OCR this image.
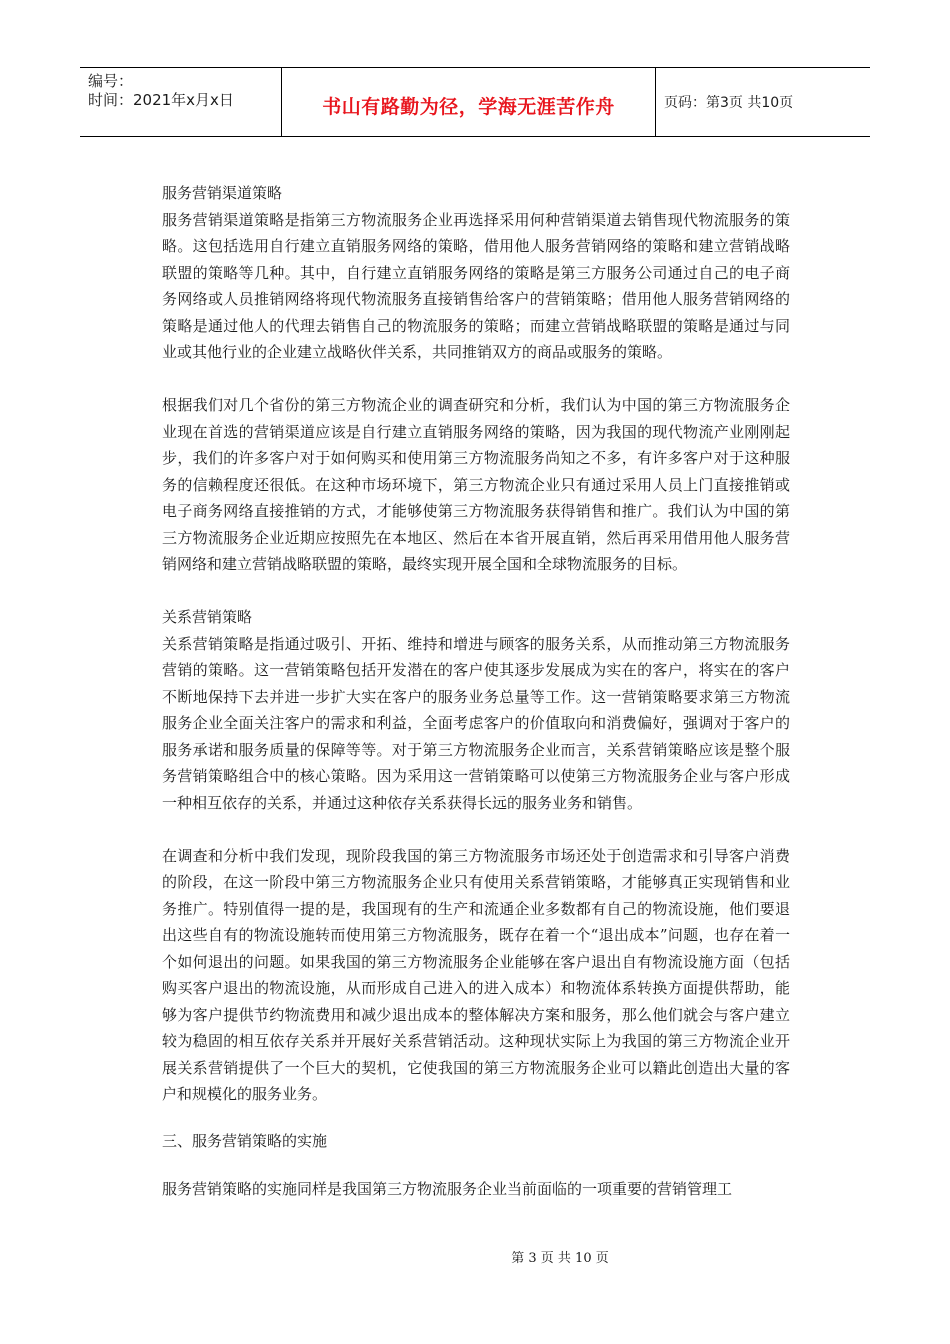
编号：
时间：2021年x月x日	书山有路勤为径，学海无涯苦作舟	页码：第3页 共10页

服务营销渠道策略

服务营销渠道策略是指第三方物流服务企业再选择采用何种营销渠道去销售现代物流服务的策略。这包括选用自行建立直销服务网络的策略，借用他人服务营销网络的策略和建立营销战略联盟的策略等几种。其中，自行建立直销服务网络的策略是第三方服务公司通过自己的电子商务网络或人员推销网络将现代物流服务直接销售给客户的营销策略；借用他人服务营销网络的策略是通过他人的代理去销售自己的物流服务的策略；而建立营销战略联盟的策略是通过与同业或其他行业的企业建立战略伙伴关系，共同推销双方的商品或服务的策略。

根据我们对几个省份的第三方物流企业的调查研究和分析，我们认为中国的第三方物流服务企业现在首选的营销渠道应该是自行建立直销服务网络的策略，因为我国的现代物流产业刚刚起步，我们的许多客户对于如何购买和使用第三方物流服务尚知之不多，有许多客户对于这种服务的信赖程度还很低。在这种市场环境下，第三方物流企业只有通过采用人员上门直接推销或电子商务网络直接推销的方式，才能够使第三方物流服务获得销售和推广。我们认为中国的第三方物流服务企业近期应按照先在本地区、然后在本省开展直销，然后再采用借用他人服务营销网络和建立营销战略联盟的策略，最终实现开展全国和全球物流服务的目标。

关系营销策略

关系营销策略是指通过吸引、开拓、维持和增进与顾客的服务关系，从而推动第三方物流服务营销的策略。这一营销策略包括开发潜在的客户使其逐步发展成为实在的客户，将实在的客户不断地保持下去并进一步扩大实在客户的服务业务总量等工作。这一营销策略要求第三方物流服务企业全面关注客户的需求和利益，全面考虑客户的价值取向和消费偏好，强调对于客户的服务承诺和服务质量的保障等等。对于第三方物流服务企业而言，关系营销策略应该是整个服务营销策略组合中的核心策略。因为采用这一营销策略可以使第三方物流服务企业与客户形成一种相互依存的关系，并通过这种依存关系获得长远的服务业务和销售。

在调查和分析中我们发现，现阶段我国的第三方物流服务市场还处于创造需求和引导客户消费的阶段，在这一阶段中第三方物流服务企业只有使用关系营销策略，才能够真正实现销售和业务推广。特别值得一提的是，我国现有的生产和流通企业多数都有自己的物流设施，他们要退出这些自有的物流设施转而使用第三方物流服务，既存在着一个“退出成本”问题，也存在着一个如何退出的问题。如果我国的第三方物流服务企业能够在客户退出自有物流设施方面（包括购买客户退出的物流设施，从而形成自己进入的进入成本）和物流体系转换方面提供帮助，能够为客户提供节约物流费用和减少退出成本的整体解决方案和服务，那么他们就会与客户建立较为稳固的相互依存关系并开展好关系营销活动。这种现状实际上为我国的第三方物流企业开展关系营销提供了一个巨大的契机，它使我国的第三方物流服务企业可以籍此创造出大量的客户和规模化的服务业务。

三、服务营销策略的实施

服务营销策略的实施同样是我国第三方物流服务企业当前面临的一项重要的营销管理工

第 3 页 共 10 页
